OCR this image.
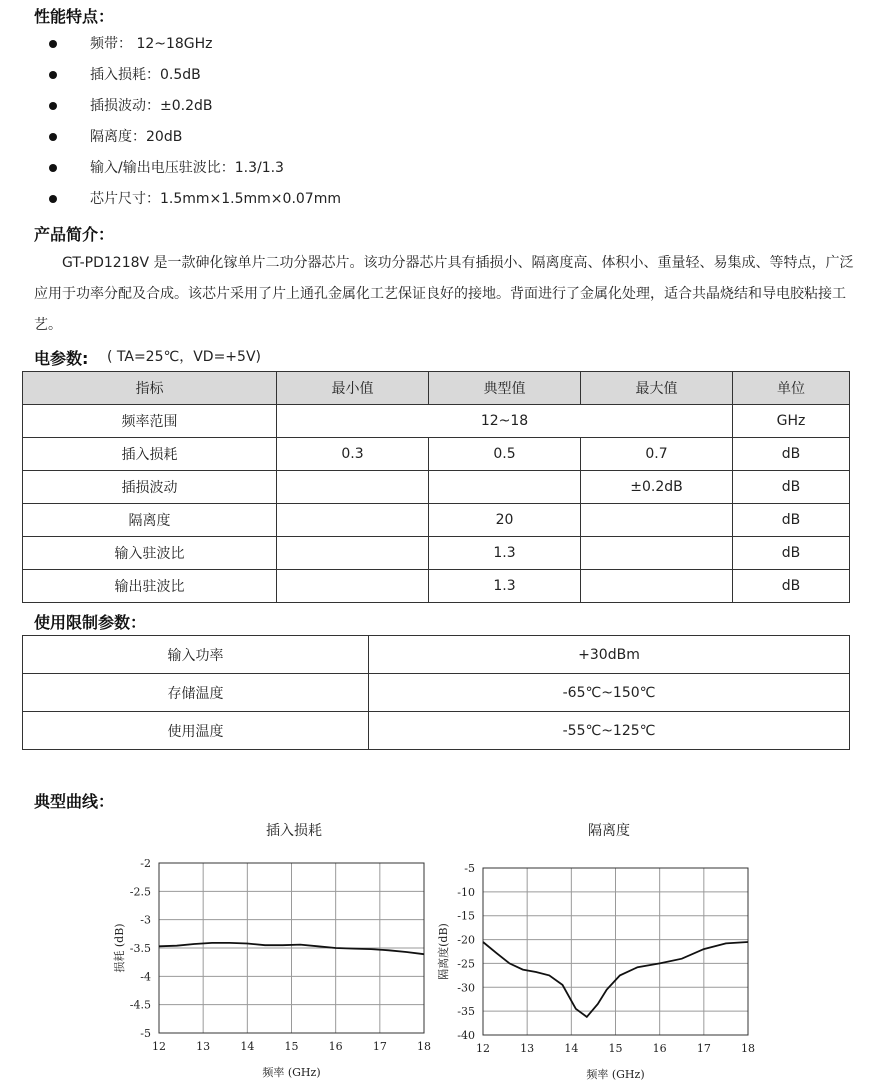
性能特点：
频带： 12~18GHz
插入损耗：0.5dB
插损波动：±0.2dB
隔离度：20dB
输入/输出电压驻波比：1.3/1.3
芯片尺寸：1.5mm×1.5mm×0.07mm
产品简介：

GT-PD1218V 是一款砷化镓单片二功分器芯片。该功分器芯片具有插损小、隔离度高、体积小、重量轻、易集成、等特点，广泛应用于功率分配及合成。该芯片采用了片上通孔金属化工艺保证良好的接地。背面进行了金属化处理，适合共晶烧结和导电胶粘接工艺。

电参数: ( TA=25℃，VD=+5V)
指标	最小值	典型值	最大值	单位
频率范围	12~18			GHz
插入损耗	0.3	0.5	0.7	dB
插损波动			±0.2dB	dB
隔离度		20		dB
输入驻波比		1.3		dB
输出驻波比		1.3		dB
使用限制参数：
输入功率	+30dBm
存储温度	-65℃~150℃
使用温度	-55℃~125℃
典型曲线：
插入损耗	隔离度
12	13	14	15	16	17	18
-2
-2.5
-3
-3.5
-4
-4.5
-5
频率 (GHz)
损耗 (dB)
12	13	14	15	16	17	18
-5
-10
-15
-20
-25
-30
-35
-40
频率 (GHz)
隔离度(dB)
